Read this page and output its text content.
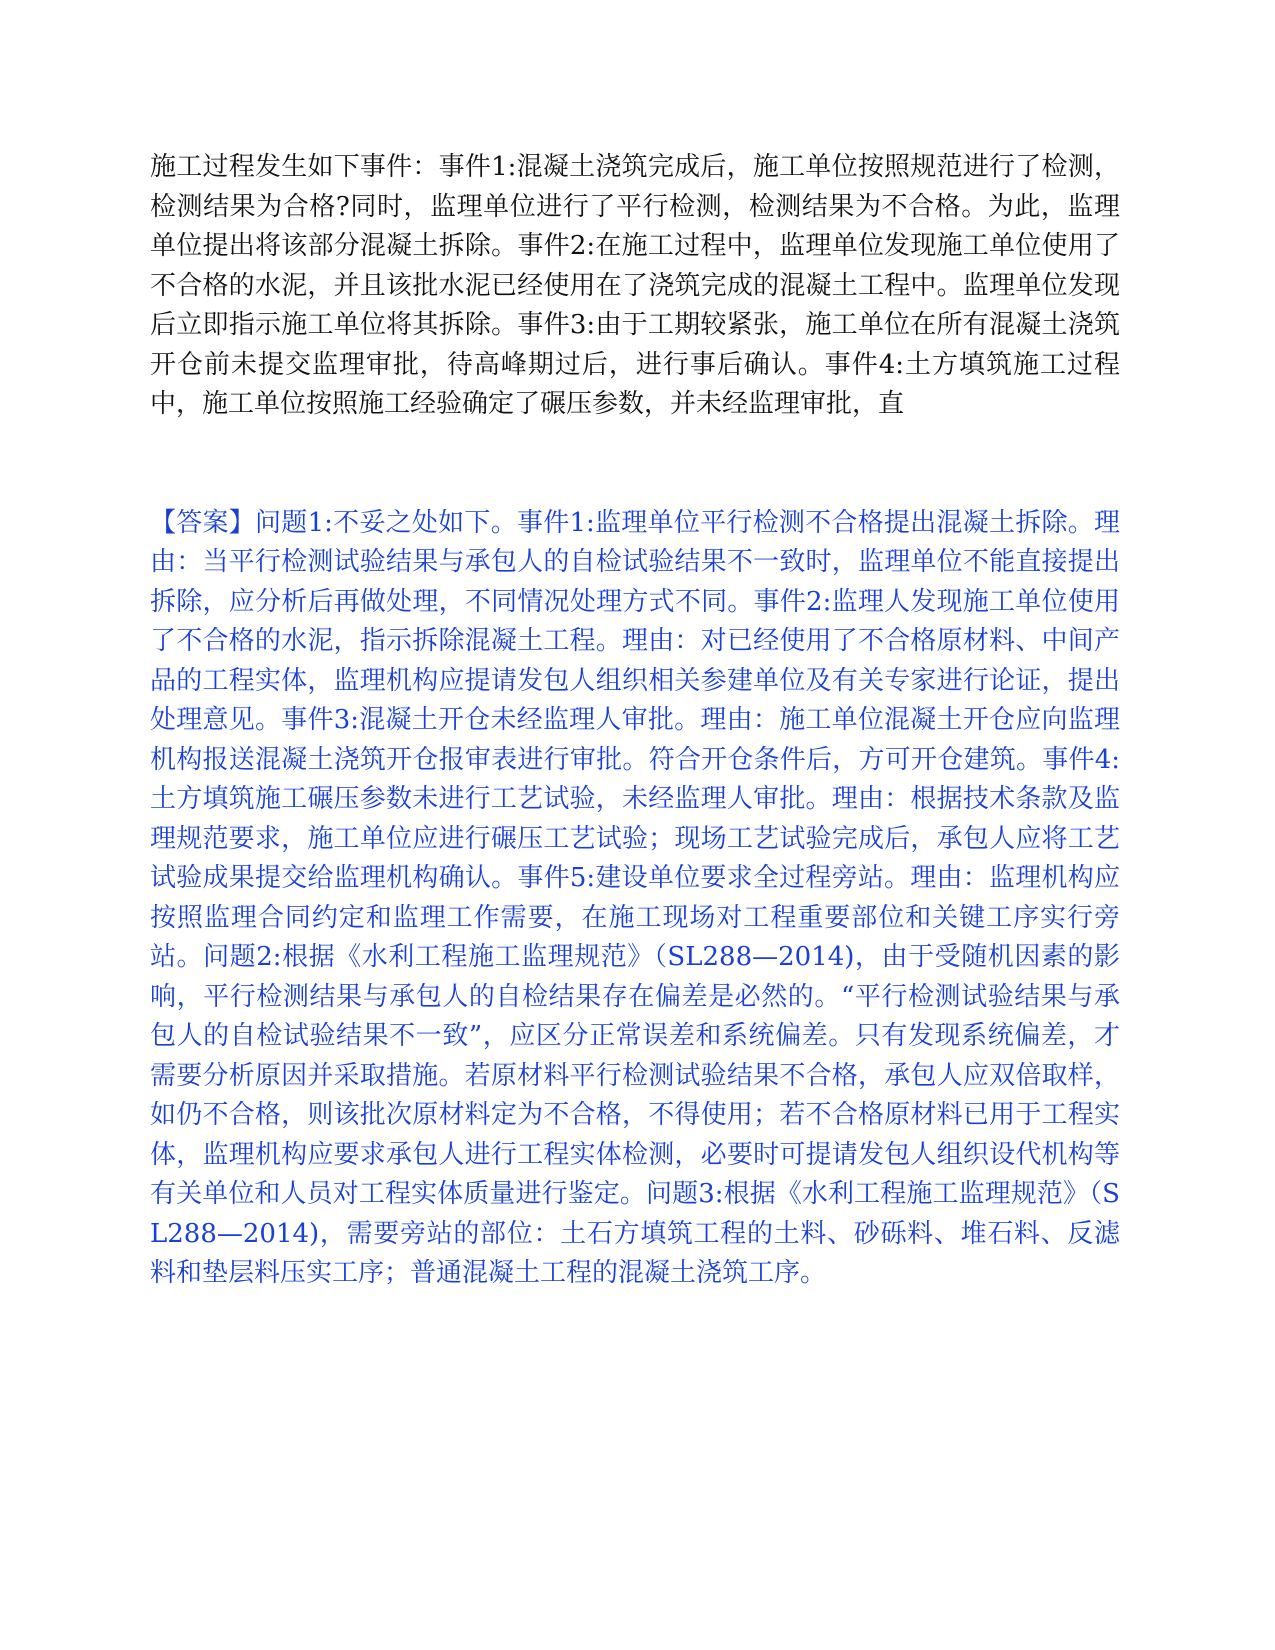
施工过程发生如下事件：事件1:混凝土浇筑完成后，施工单位按照规范进行了检测，检测结果为合格?同时，监理单位进行了平行检测，检测结果为不合格。为此，监理单位提出将该部分混凝土拆除。事件2:在施工过程中，监理单位发现施工单位使用了不合格的水泥，并且该批水泥已经使用在了浇筑完成的混凝土工程中。监理单位发现后立即指示施工单位将其拆除。事件3:由于工期较紧张，施工单位在所有混凝土浇筑开仓前未提交监理审批，待高峰期过后，进行事后确认。事件4:土方填筑施工过程中，施工单位按照施工经验确定了碾压参数，并未经监理审批，直

【答案】问题1:不妥之处如下。事件1:监理单位平行检测不合格提出混凝土拆除。理由：当平行检测试验结果与承包人的自检试验结果不一致时，监理单位不能直接提出拆除，应分析后再做处理，不同情况处理方式不同。事件2:监理人发现施工单位使用了不合格的水泥，指示拆除混凝土工程。理由：对已经使用了不合格原材料、中间产品的工程实体，监理机构应提请发包人组织相关参建单位及有关专家进行论证，提出处理意见。事件3:混凝土开仓未经监理人审批。理由：施工单位混凝土开仓应向监理机构报送混凝土浇筑开仓报审表进行审批。符合开仓条件后，方可开仓建筑。事件4:土方填筑施工碾压参数未进行工艺试验，未经监理人审批。理由：根据技术条款及监理规范要求，施工单位应进行碾压工艺试验；现场工艺试验完成后，承包人应将工艺试验成果提交给监理机构确认。事件5:建设单位要求全过程旁站。理由：监理机构应按照监理合同约定和监理工作需要，在施工现场对工程重要部位和关键工序实行旁站。问题2:根据《水利工程施工监理规范》（SL288—2014)，由于受随机因素的影响，平行检测结果与承包人的自检结果存在偏差是必然的。“平行检测试验结果与承包人的自检试验结果不一致”，应区分正常误差和系统偏差。只有发现系统偏差，才需要分析原因并采取措施。若原材料平行检测试验结果不合格，承包人应双倍取样，如仍不合格，则该批次原材料定为不合格，不得使用；若不合格原材料已用于工程实体，监理机构应要求承包人进行工程实体检测，必要时可提请发包人组织设代机构等有关单位和人员对工程实体质量进行鉴定。问题3:根据《水利工程施工监理规范》（SL288—2014)，需要旁站的部位：土石方填筑工程的土料、砂砾料、堆石料、反滤料和垫层料压实工序；普通混凝土工程的混凝土浇筑工序。
